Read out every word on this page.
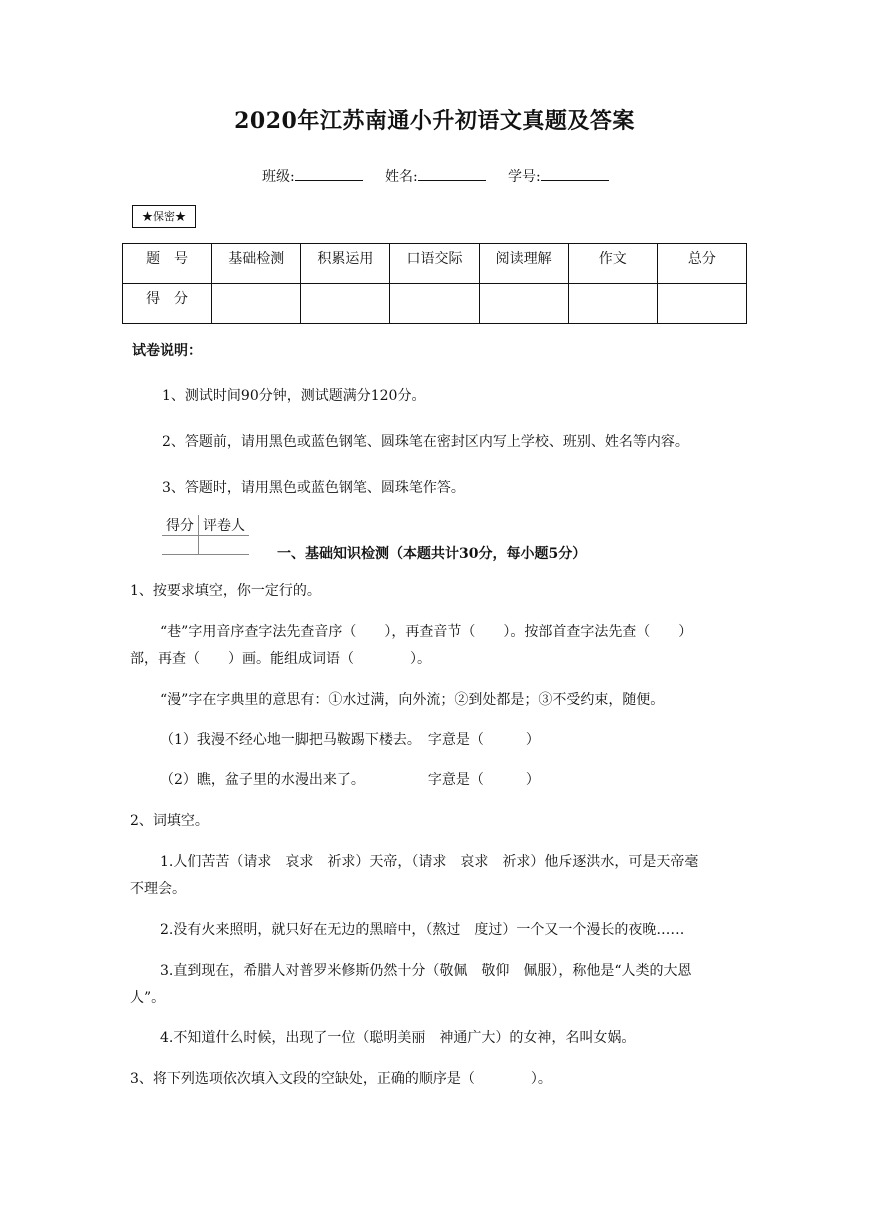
2020年江苏南通小升初语文真题及答案
班级:	姓名:	学号:
★保密★
题　号	基础检测	积累运用	口语交际	阅读理解	作文	总分
得　分						
试卷说明：
1、测试时间90分钟，测试题满分120分。
2、答题前，请用黑色或蓝色钢笔、圆珠笔在密封区内写上学校、班别、姓名等内容。
3、答题时，请用黑色或蓝色钢笔、圆珠笔作答。
得分	评卷人

一、基础知识检测（本题共计30分，每小题5分）
1、按要求填空，你一定行的。
“巷”字用音序查字法先查音序（　　），再查音节（　　）。按部首查字法先查（　　）
部，再查（　　）画。能组成词语（　　　　）。
“漫”字在字典里的意思有：①水过满，向外流；②到处都是；③不受约束，随便。
（1）我漫不经心地一脚把马鞍踢下楼去。　字意是（　　　）
（2）瞧，盆子里的水漫出来了。　　　　　字意是（　　　）
2、词填空。
1.人们苦苦（请求　哀求　祈求）天帝，（请求　哀求　祈求）他斥逐洪水，可是天帝毫
不理会。
2.没有火来照明，就只好在无边的黑暗中，（熬过　度过）一个又一个漫长的夜晚……
3.直到现在，希腊人对普罗米修斯仍然十分（敬佩　敬仰　佩服），称他是“人类的大恩
人”。
4.不知道什么时候，出现了一位（聪明美丽　神通广大）的女神，名叫女娲。
3、将下列选项依次填入文段的空缺处，正确的顺序是（　　　　）。
